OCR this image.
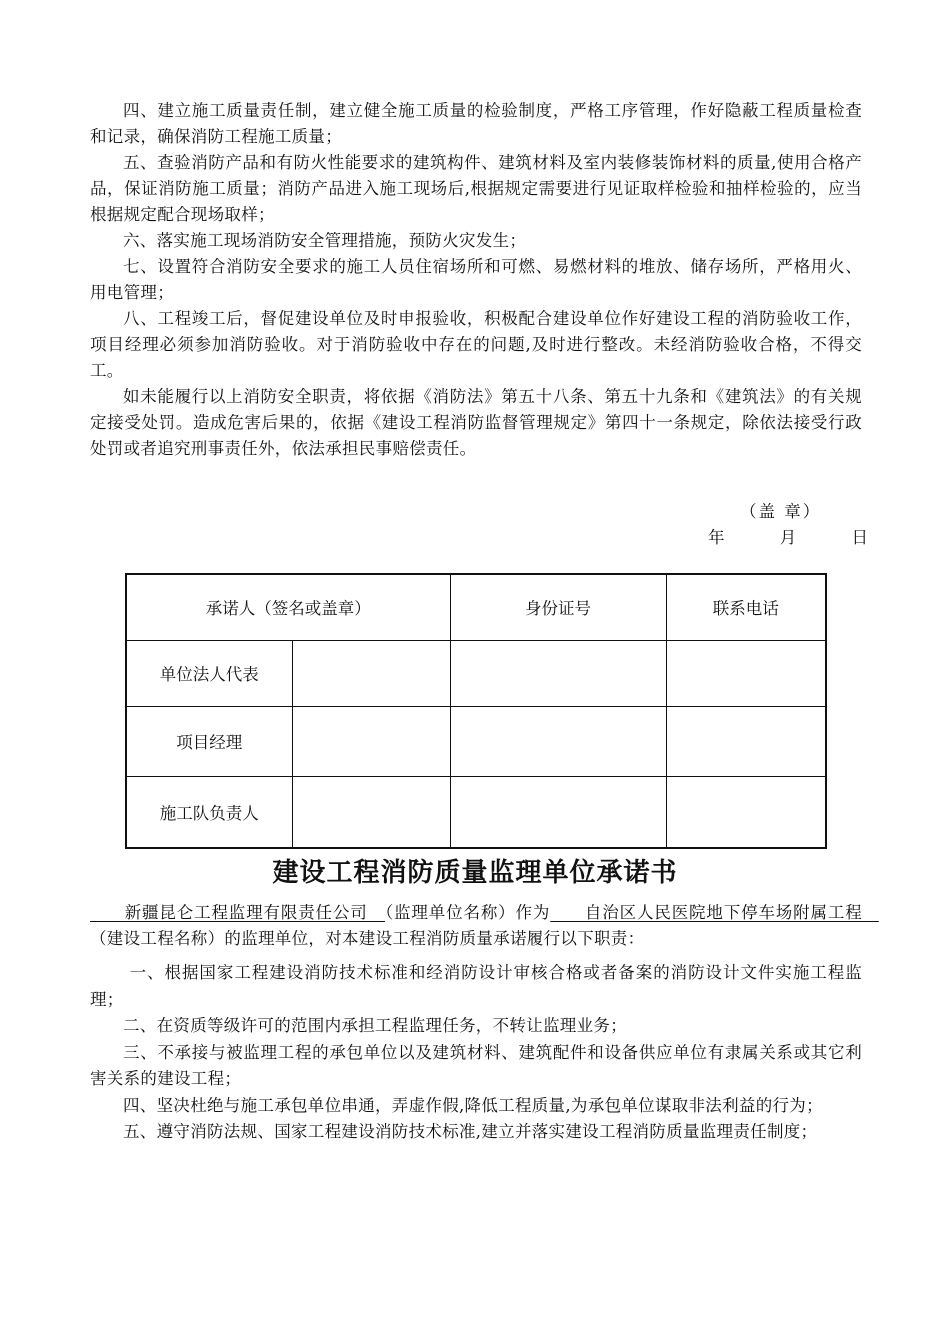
四、建立施工质量责任制，建立健全施工质量的检验制度，严格工序管理，作好隐蔽工程质量检查和记录，确保消防工程施工质量；

五、查验消防产品和有防火性能要求的建筑构件、建筑材料及室内装修装饰材料的质量,使用合格产品，保证消防施工质量；消防产品进入施工现场后,根据规定需要进行见证取样检验和抽样检验的，应当根据规定配合现场取样；

六、落实施工现场消防安全管理措施，预防火灾发生；

七、设置符合消防安全要求的施工人员住宿场所和可燃、易燃材料的堆放、储存场所，严格用火、用电管理；

八、工程竣工后，督促建设单位及时申报验收，积极配合建设单位作好建设工程的消防验收工作，项目经理必须参加消防验收。对于消防验收中存在的问题,及时进行整改。未经消防验收合格，不得交工。

如未能履行以上消防安全职责，将依据《消防法》第五十八条、第五十九条和《建筑法》的有关规定接受处罚。造成危害后果的，依据《建设工程消防监督管理规定》第四十一条规定，除依法接受行政处罚或者追究刑事责任外，依法承担民事赔偿责任。

（盖 章）
年	月	日
承诺人（签名或盖章）		身份证号	联系电话
单位法人代表			
项目经理			
施工队负责人			
建设工程消防质量监理单位承诺书

　　新疆昆仑工程监理有限责任公司　（监理单位名称）作为　　自治区人民医院地下停车场附属工程　（建设工程名称）的监理单位，对本建设工程消防质量承诺履行以下职责：

一、根据国家工程建设消防技术标准和经消防设计审核合格或者备案的消防设计文件实施工程监理；

二、在资质等级许可的范围内承担工程监理任务，不转让监理业务；

三、不承接与被监理工程的承包单位以及建筑材料、建筑配件和设备供应单位有隶属关系或其它利害关系的建设工程；

四、坚决杜绝与施工承包单位串通，弄虚作假,降低工程质量,为承包单位谋取非法利益的行为；

五、遵守消防法规、国家工程建设消防技术标准,建立并落实建设工程消防质量监理责任制度；
